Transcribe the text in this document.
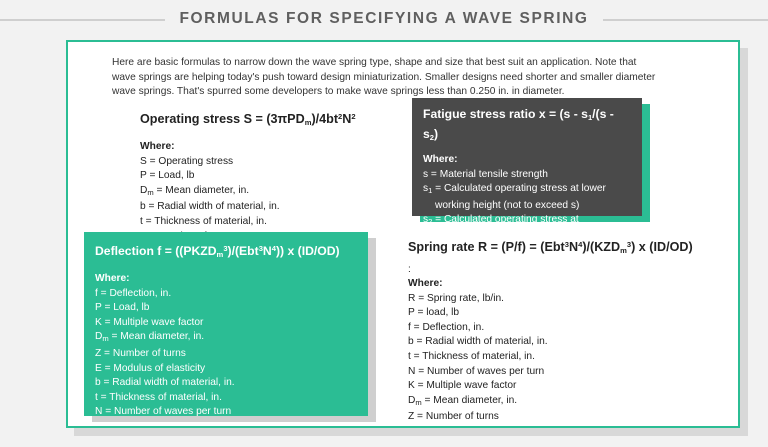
FORMULAS FOR SPECIFYING A WAVE SPRING
Here are basic formulas to narrow down the wave spring type, shape and size that best suit an application. Note that wave springs are helping today's push toward design miniaturization. Smaller designs need shorter and smaller diameter wave springs. That's spurred some developers to make wave springs less than 0.250 in. in diameter.
Operating stress $S = (3\pi PD_m)/4bt^2N^2$
Where:
S = Operating stress
P = Load, lb
$D_m$ = Mean diameter, in.
b = Radial width of material, in.
t = Thickness of material, in.
Fatigue stress ratio $x = (s - s_1/(s - s_2)$
Where:
s = Material tensile strength
$s_1$ = Calculated operating stress at lower
working height (not to exceed s)
$s_2$ = Calculated operating stress at
upper working height
Deflection $f = ((PKZD_m^3)/(Ebt^3N^4))$ x (ID/OD)
Where:
f = Deflection, in.
P = Load, lb
K = Multiple wave factor
$D_m$ = Mean diameter, in.
Z = Number of turns
E = Modulus of elasticity
b = Radial width of material, in.
t = Thickness of material, in.
N = Number of waves per turn
Spring rate $R = (P/f) = (Ebt^3N^4)/(KZD_m^3)$ x (ID/OD)
:
Where:
R = Spring rate, lb/in.
P = load, lb
f = Deflection, in.
b = Radial width of material, in.
t = Thickness of material, in.
N = Number of waves per turn
K = Multiple wave factor
$D_m$ = Mean diameter, in.
Z = Number of turns
